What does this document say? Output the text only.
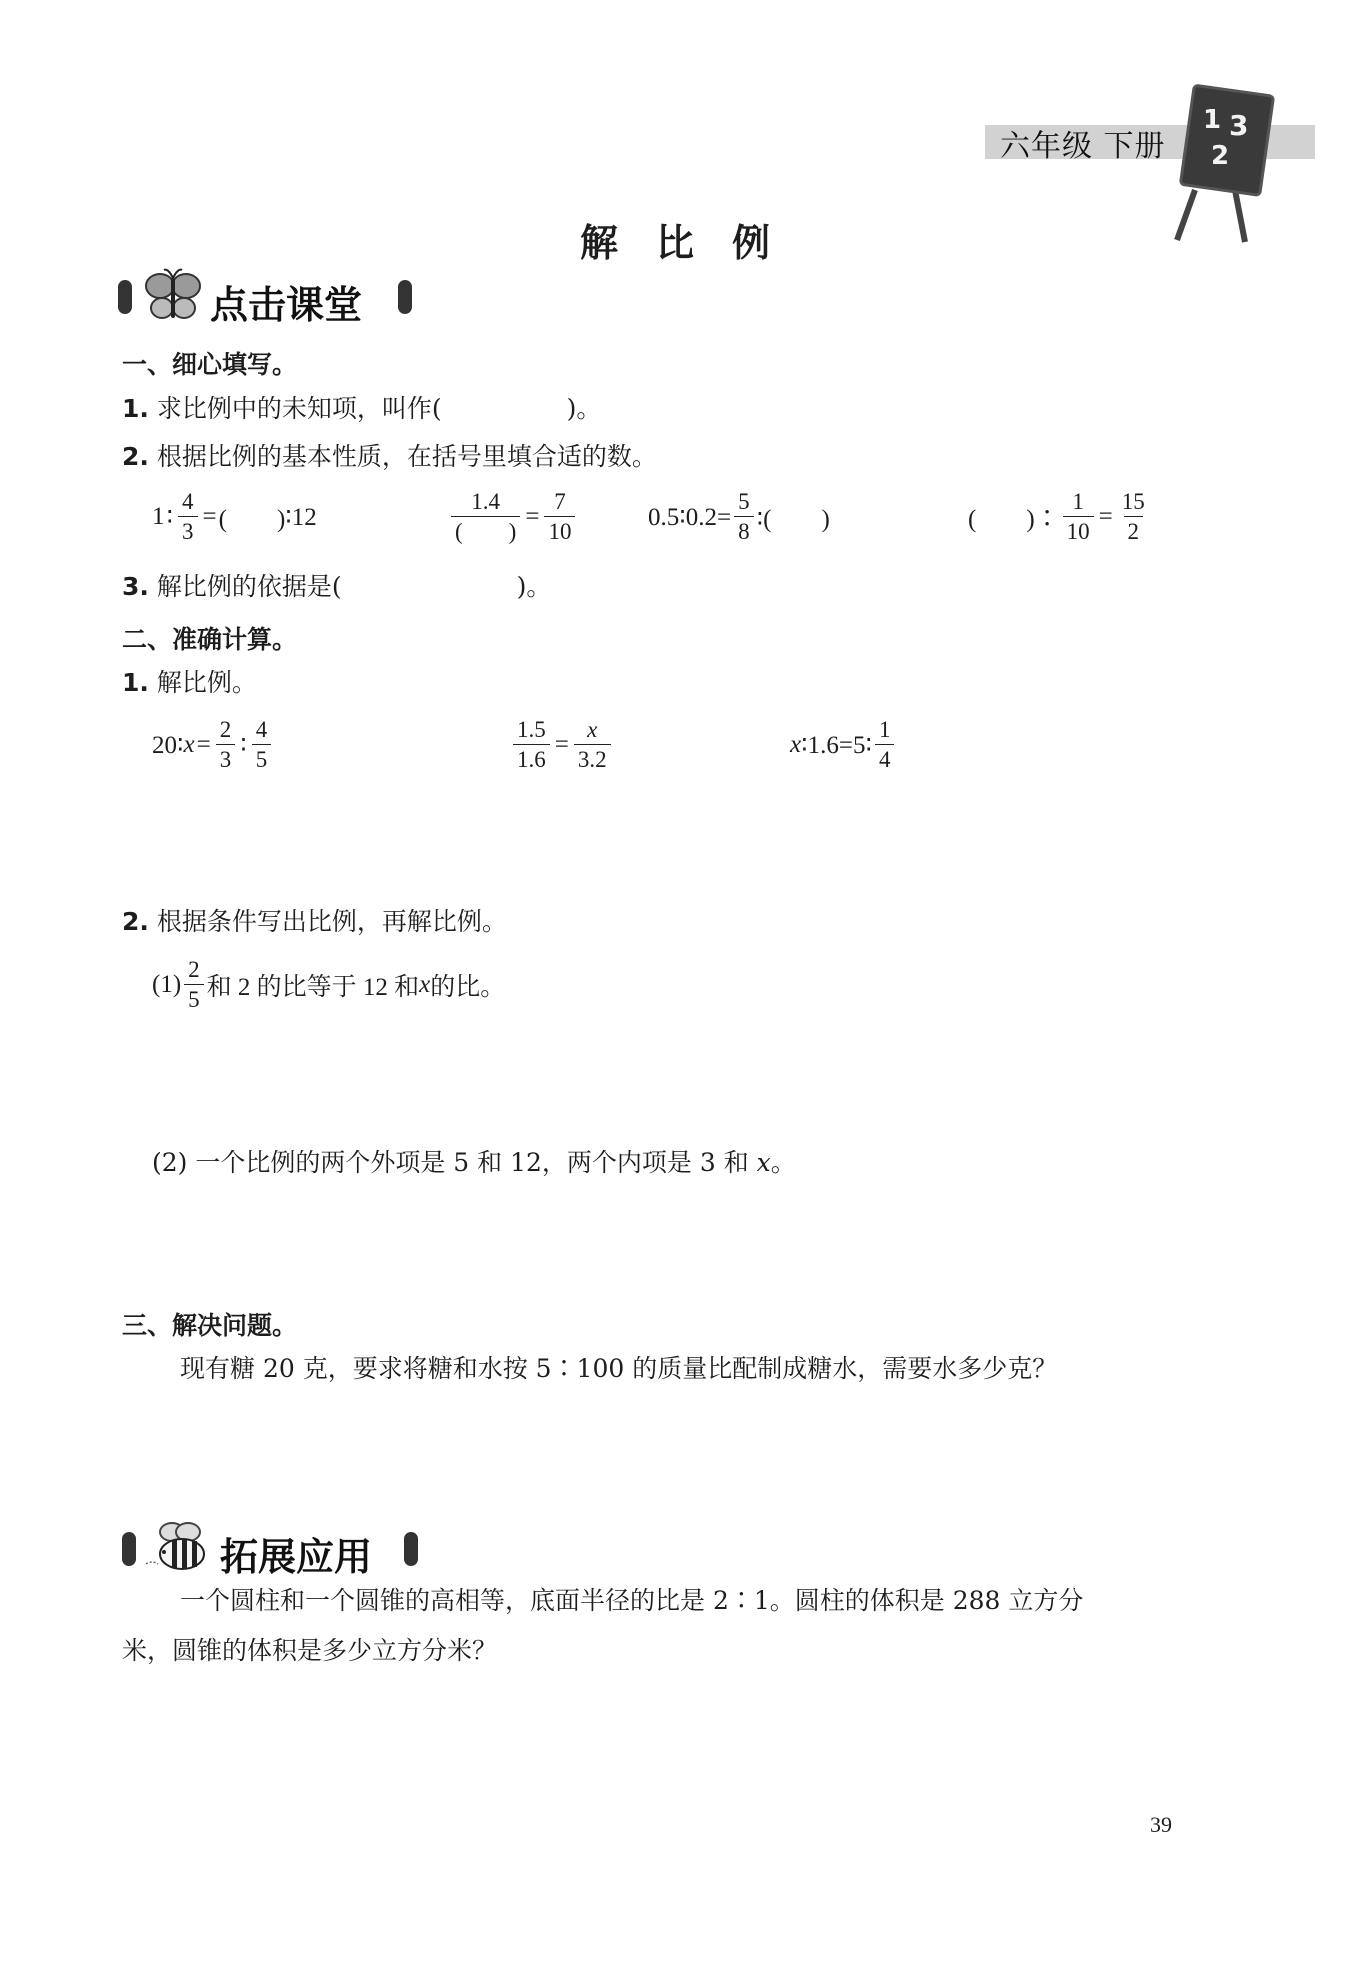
六年级 下册
1 3
2
解比例
点击课堂
一、细心填写。
1. 求比例中的未知项，叫作(　　　　　)。
2. 根据比例的基本性质，在括号里填合适的数。
1 ∶ $\frac{4}{3}$ = (　　) ∶12	$\frac{1.4}{( )} = \frac{7}{10}$	0.5∶0.2= $\frac{5}{8}$ ∶(　　)	(　　)∶ $\frac{1}{10} = \frac{15}{2}$
3. 解比例的依据是(　　　　　　　)。
二、准确计算。
1. 解比例。
20∶ $x = \frac{2}{3}$ ∶ $\frac{4}{5}$	$\frac{1.5}{1.6} = \frac{x}{3.2}$	x ∶1.6=5∶ $\frac{1}{4}$
2. 根据条件写出比例，再解比例。
$(1) \frac{2}{5}$ 和 2 的比等于 12 和 x 的比。
(2) 一个比例的两个外项是 5 和 12，两个内项是 3 和 x。
三、解决问题。
现有糖 20 克，要求将糖和水按 5∶100 的质量比配制成糖水，需要水多少克？
拓展应用
一个圆柱和一个圆锥的高相等，底面半径的比是 2∶1。圆柱的体积是 288 立方分
米，圆锥的体积是多少立方分米？
39
